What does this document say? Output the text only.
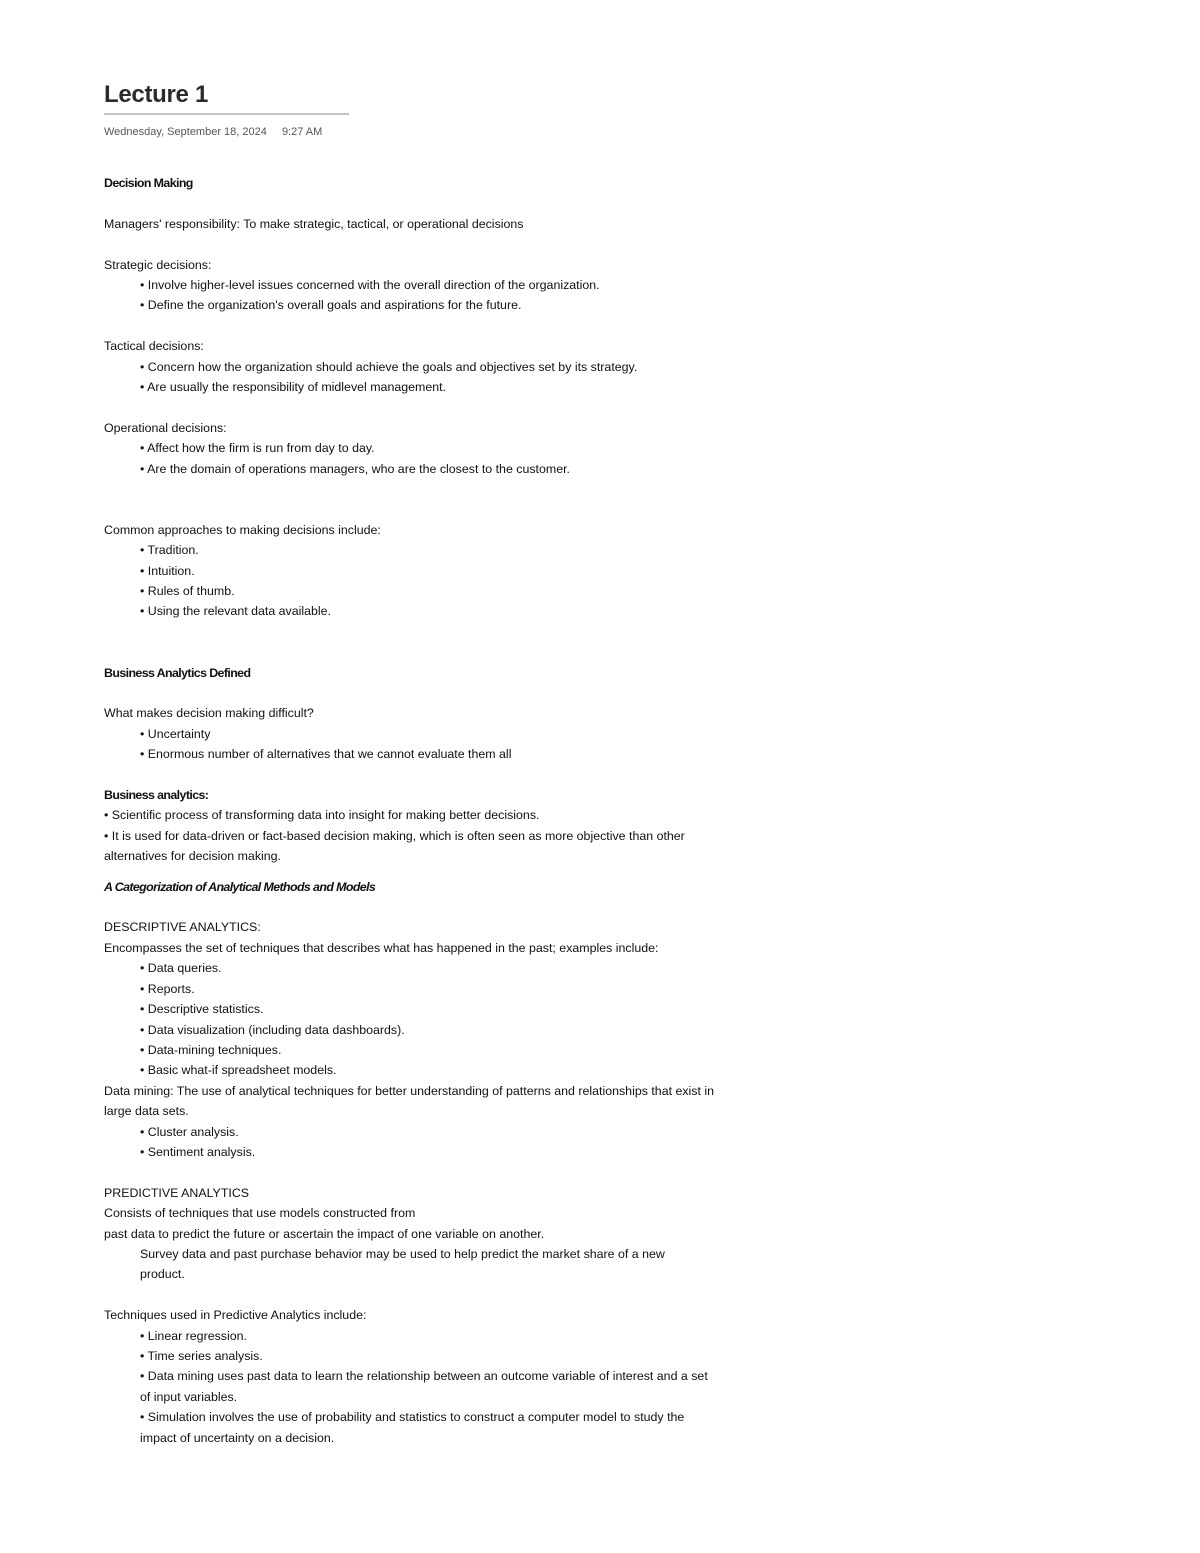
Lecture 1
Wednesday, September 18, 2024 9:27 AM
Decision Making
Managers' responsibility: To make strategic, tactical, or operational decisions
Strategic decisions:
• Involve higher-level issues concerned with the overall direction of the organization.
• Define the organization's overall goals and aspirations for the future.
Tactical decisions:
• Concern how the organization should achieve the goals and objectives set by its strategy.
• Are usually the responsibility of midlevel management.
Operational decisions:
• Affect how the firm is run from day to day.
• Are the domain of operations managers, who are the closest to the customer.
Common approaches to making decisions include:
• Tradition.
• Intuition.
• Rules of thumb.
• Using the relevant data available.
Business Analytics Defined
What makes decision making difficult?
• Uncertainty
• Enormous number of alternatives that we cannot evaluate them all
Business analytics:
• Scientific process of transforming data into insight for making better decisions.
• It is used for data-driven or fact-based decision making, which is often seen as more objective than other alternatives for decision making.
A Categorization of Analytical Methods and Models
DESCRIPTIVE ANALYTICS:
Encompasses the set of techniques that describes what has happened in the past; examples include:
• Data queries.
• Reports.
• Descriptive statistics.
• Data visualization (including data dashboards).
• Data-mining techniques.
• Basic what-if spreadsheet models.
Data mining: The use of analytical techniques for better understanding of patterns and relationships that exist in large data sets.
• Cluster analysis.
• Sentiment analysis.
PREDICTIVE ANALYTICS
Consists of techniques that use models constructed from
past data to predict the future or ascertain the impact of one variable on another.
Survey data and past purchase behavior may be used to help predict the market share of a new product.
Techniques used in Predictive Analytics include:
• Linear regression.
• Time series analysis.
• Data mining uses past data to learn the relationship between an outcome variable of interest and a set of input variables.
• Simulation involves the use of probability and statistics to construct a computer model to study the impact of uncertainty on a decision.
